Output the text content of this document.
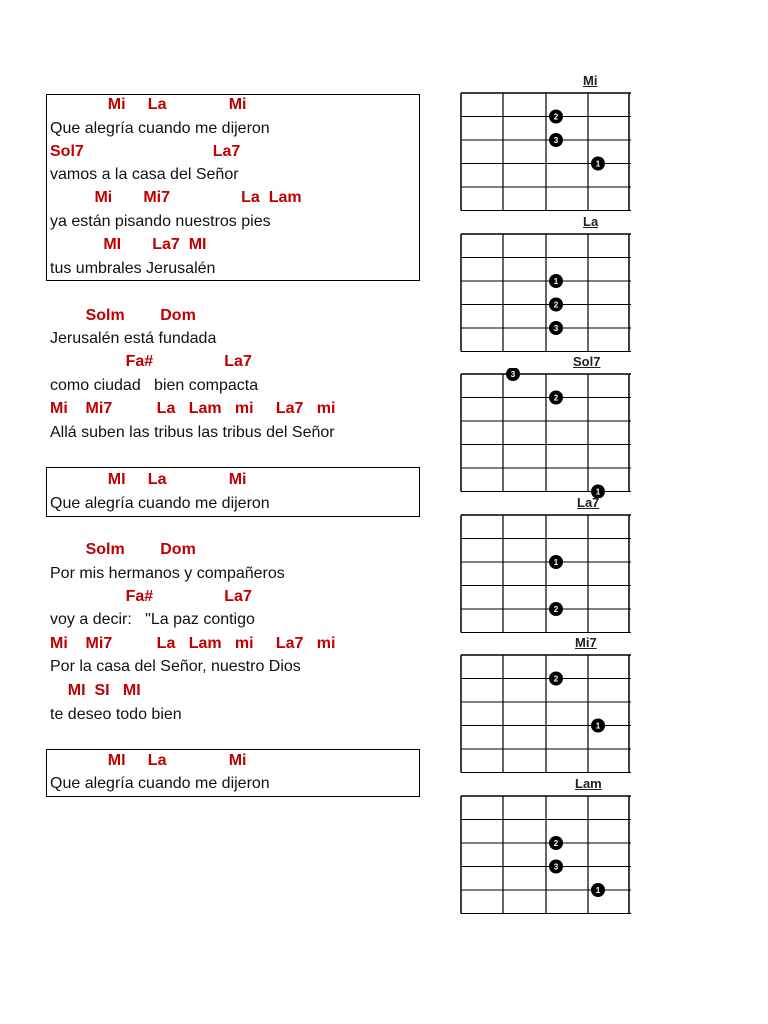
Mi     La              Mi
Que alegría cuando me dijeron
Sol7                             La7
vamos a la casa del Señor
Mi       Mi7                La  Lam
ya están pisando nuestros pies
MI       La7  MI
tus umbrales Jerusalén
Solm        Dom
Jerusalén está fundada
Fa#                La7
como ciudad   bien compacta
Mi    Mi7          La   Lam   mi     La7   mi
Allá suben las tribus las tribus del Señor
MI     La              Mi
Que alegría cuando me dijeron
Solm        Dom
Por mis hermanos y compañeros
Fa#                La7
voy a decir:   "La paz contigo
Mi    Mi7          La   Lam   mi     La7   mi
Por la casa del Señor, nuestro Dios
MI  SI   MI
te deseo todo bien
MI     La              Mi
Que alegría cuando me dijeron
Mi
2
3
1
La
1
2
3
Sol7
3
2
1
La7
1
2
Mi7
2
1
Lam
2
3
1
